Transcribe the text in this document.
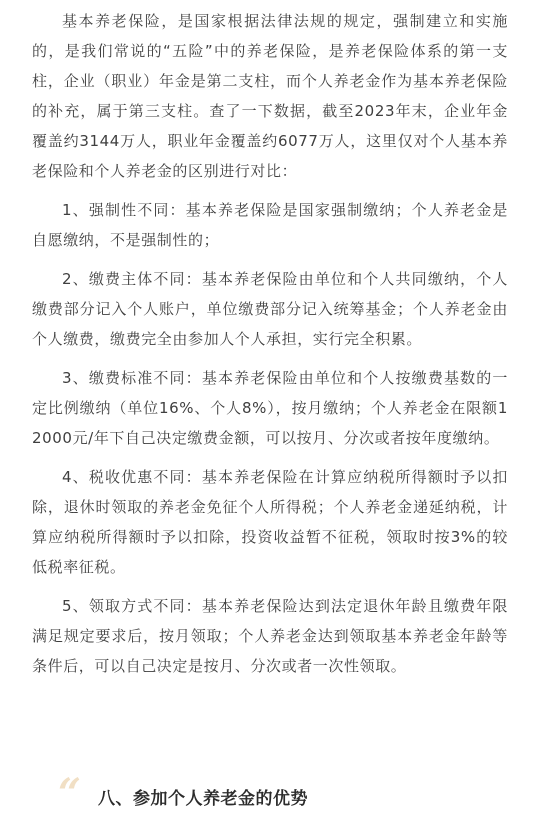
基本养老保险，是国家根据法律法规的规定，强制建立和实施的，是我们常说的“五险”中的养老保险，是养老保险体系的第一支柱，企业（职业）年金是第二支柱，而个人养老金作为基本养老保险的补充，属于第三支柱。查了一下数据，截至2023年末，企业年金覆盖约3144万人，职业年金覆盖约6077万人，这里仅对个人基本养老保险和个人养老金的区别进行对比：

1、强制性不同：基本养老保险是国家强制缴纳；个人养老金是自愿缴纳，不是强制性的；

2、缴费主体不同：基本养老保险由单位和个人共同缴纳，个人缴费部分记入个人账户，单位缴费部分记入统筹基金；个人养老金由个人缴费，缴费完全由参加人个人承担，实行完全积累。

3、缴费标准不同：基本养老保险由单位和个人按缴费基数的一定比例缴纳（单位16%、个人8%），按月缴纳；个人养老金在限额12000元/年下自己决定缴费金额，可以按月、分次或者按年度缴纳。

4、税收优惠不同：基本养老保险在计算应纳税所得额时予以扣除，退休时领取的养老金免征个人所得税；个人养老金递延纳税，计算应纳税所得额时予以扣除，投资收益暂不征税，领取时按3%的较低税率征税。

5、领取方式不同：基本养老保险达到法定退休年龄且缴费年限满足规定要求后，按月领取；个人养老金达到领取基本养老金年龄等条件后，可以自己决定是按月、分次或者一次性领取。

“ 八、参加个人养老金的优势
